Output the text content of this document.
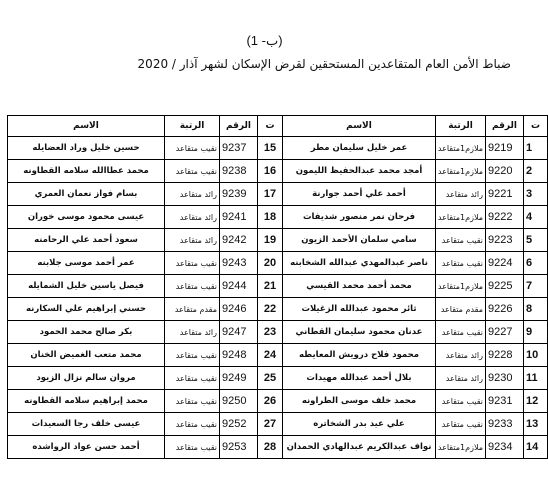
(ب- 1)
ضباط الأمن العام المتقاعدين المستحقين لقرض الإسكان لشهر آذار / 2020
الاسم	الرتبة	الرقم	ت	الاسم	الرتبة	الرقم	ت
حسين خليل وراد العضايله	نقيب متقاعد	9237	15	عمر خليل سليمان مطر	ملازم1متقاعد	9219	1
محمد عطاالله سلامه القطاونه	نقيب متقاعد	9238	16	أمجد محمد عبدالحفيظ الليمون	ملازم1متقاعد	9220	2
بسام فواز نعمان العمري	رائد متقاعد	9239	17	أحمد علي أحمد جوارنة	رائد متقاعد	9221	3
عيسى محمود موسى خوران	رائد متقاعد	9241	18	فرحان نمر منصور شديفات	ملازم1متقاعد	9222	4
سعود أحمد علي الرحامنه	رائد متقاعد	9242	19	سامي سلمان الأحمد الزيون	نقيب متقاعد	9223	5
عمر أحمد موسى جلابنه	نقيب متقاعد	9243	20	ناصر عبدالمهدي عبدالله الشخابنه	نقيب متقاعد	9224	6
فيصل ياسين خليل الشمايله	نقيب متقاعد	9244	21	محمد أحمد محمد القيسي	ملازم1متقاعد	9225	7
حسني إبراهيم علي السكارنه	مقدم متقاعد	9246	22	ثائر محمود عبدالله الزغيلات	مقدم متقاعد	9226	8
بكر صالح محمد الحمود	رائد متقاعد	9247	23	عدنان محمود سليمان القطاني	نقيب متقاعد	9227	9
محمد متعب الغميض الخنان	نقيب متقاعد	9248	24	محمود فلاح درويش المعايطه	رائد متقاعد	9228	10
مروان سالم نزال الزيود	نقيب متقاعد	9249	25	بلال أحمد عبدالله مهيدات	رائد متقاعد	9230	11
محمد إبراهيم سلامه القطاونه	نقيب متقاعد	9250	26	محمد خلف موسى الطراونه	نقيب متقاعد	9231	12
عيسى خلف رجا السعيدات	نقيب متقاعد	9252	27	علي عيد بدر الشخاتره	نقيب متقاعد	9233	13
أحمد حسن عواد الرواشده	نقيب متقاعد	9253	28	نواف عبدالكريم عبدالهادي الحمدان	ملازم1متقاعد	9234	14
